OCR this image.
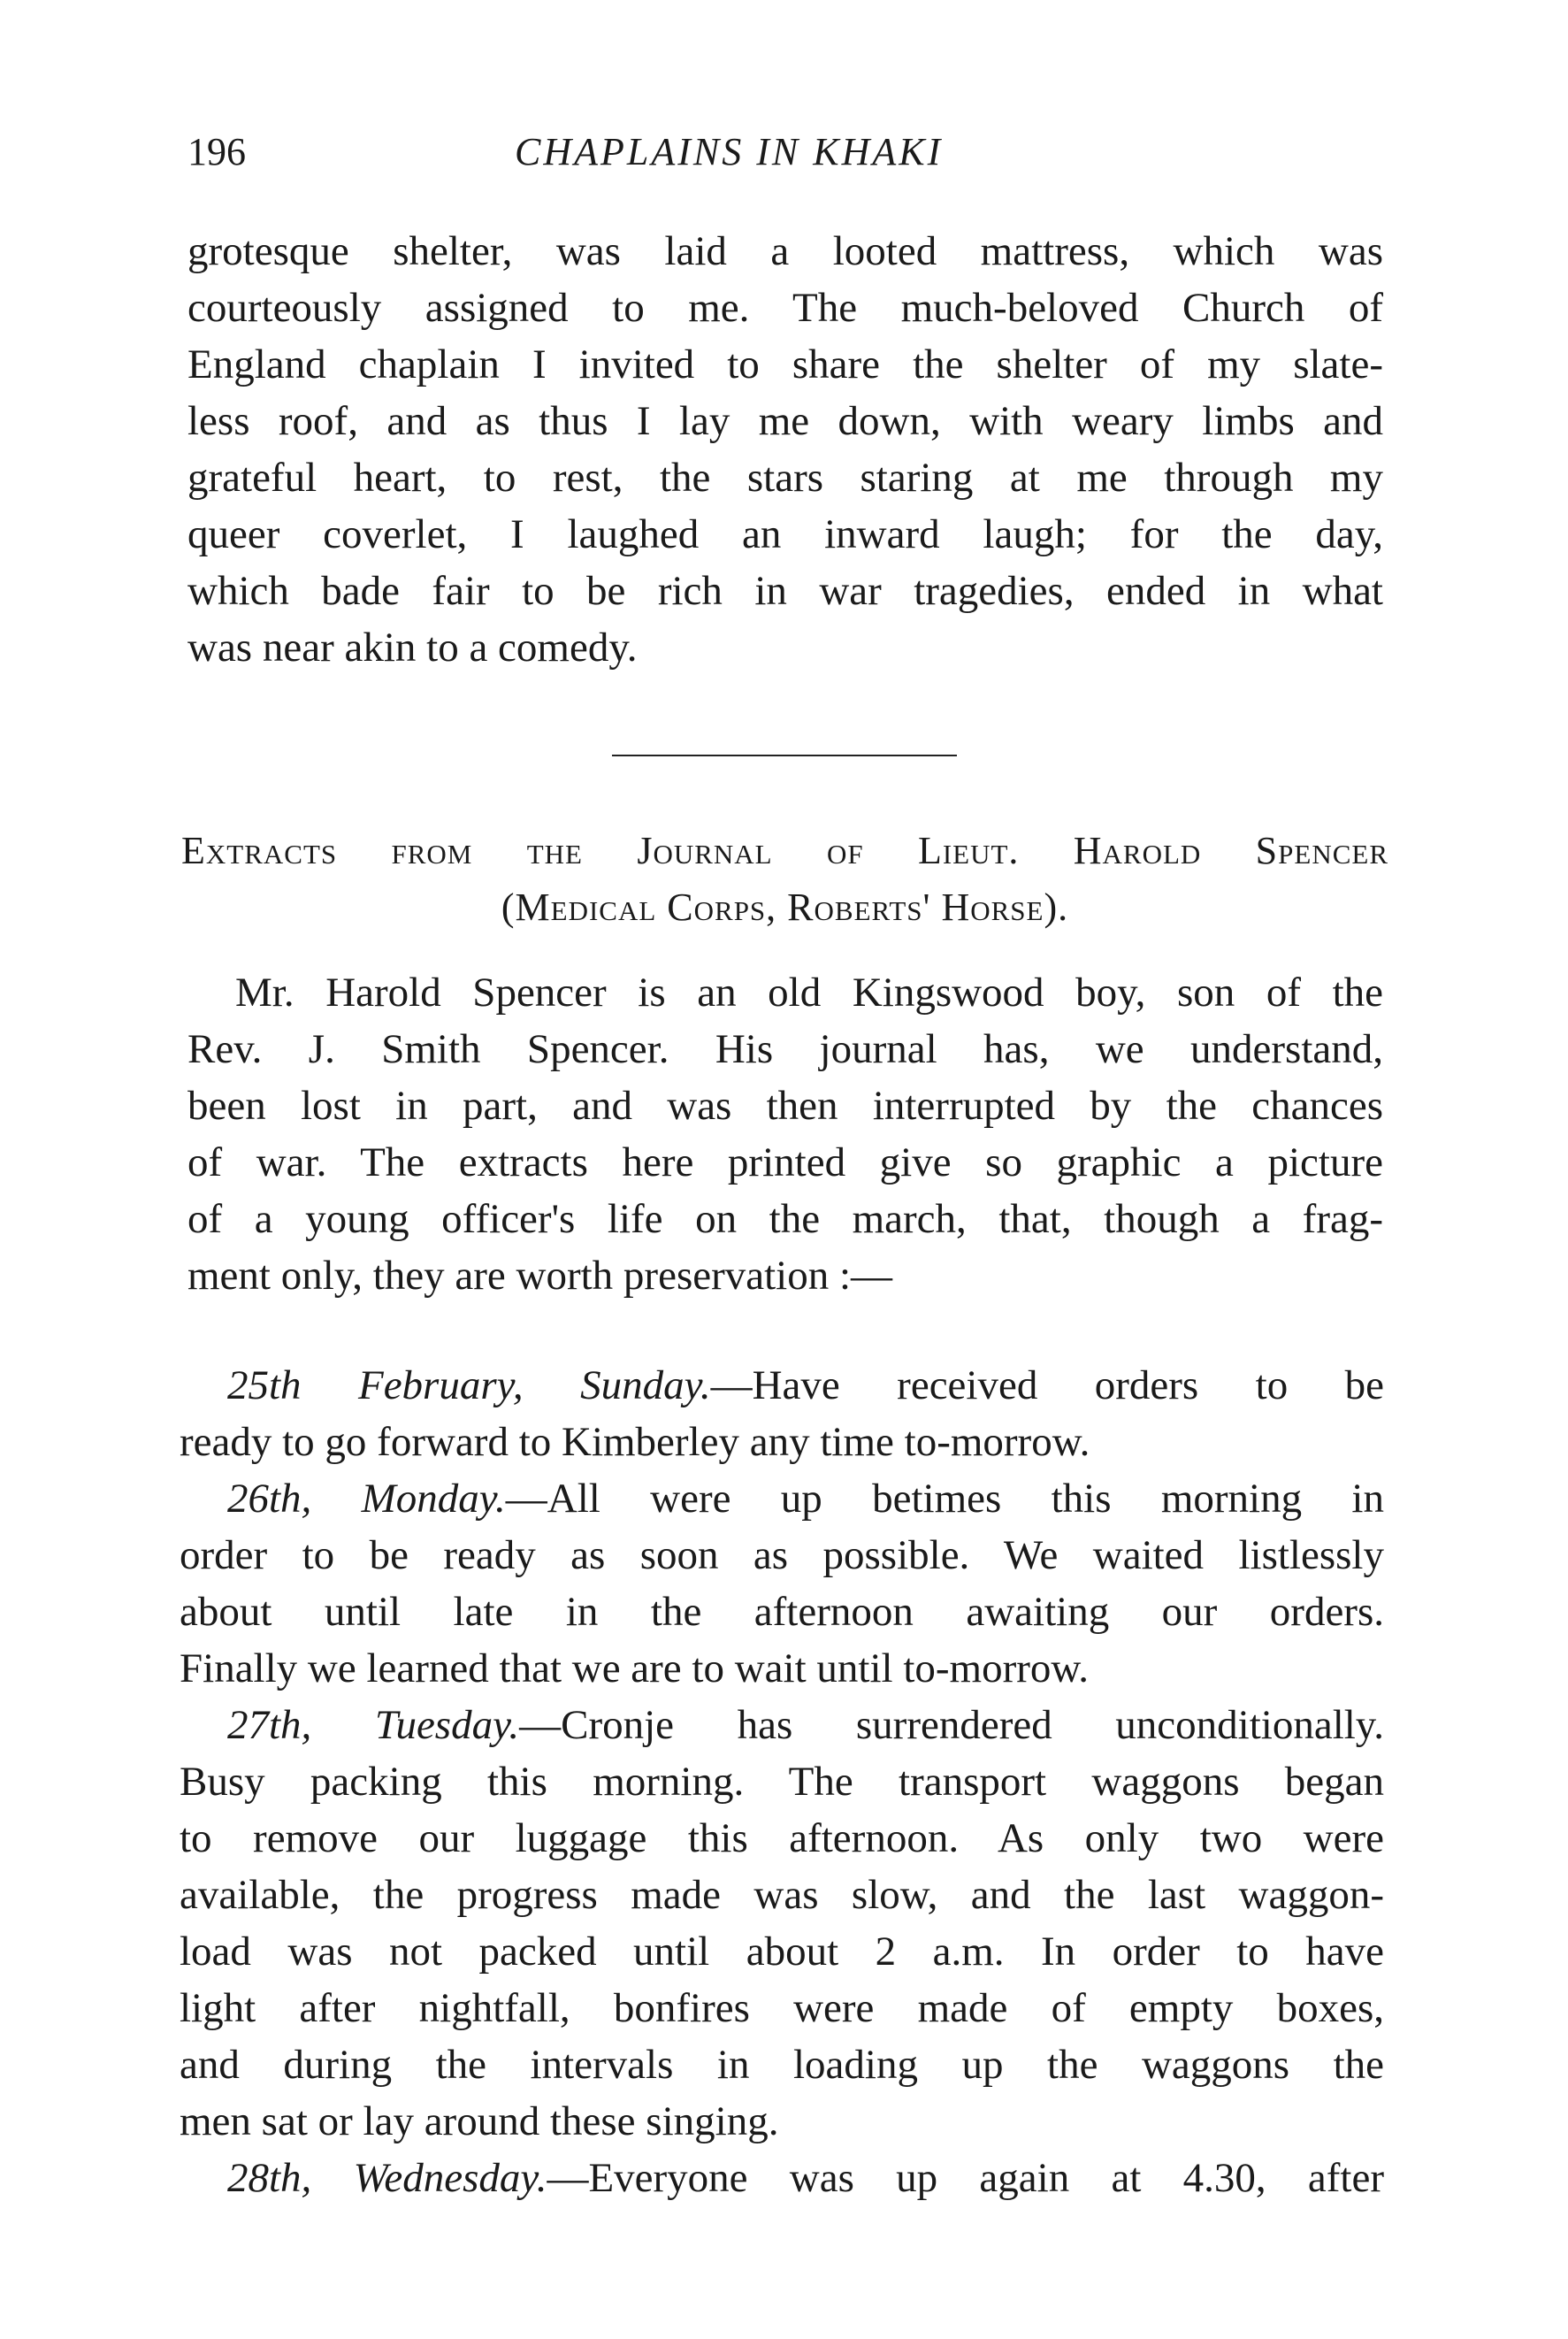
196	CHAPLAINS IN KHAKI
grotesque shelter, was laid a looted mattress, which was
courteously assigned to me. The much-beloved Church of
England chaplain I invited to share the shelter of my slate-
less roof, and as thus I lay me down, with weary limbs and
grateful heart, to rest, the stars staring at me through my
queer coverlet, I laughed an inward laugh; for the day,
which bade fair to be rich in war tragedies, ended in what
was near akin to a comedy.
Extracts from the Journal of Lieut. Harold Spencer
(Medical Corps, Roberts' Horse).
Mr. Harold Spencer is an old Kingswood boy, son of the
Rev. J. Smith Spencer. His journal has, we understand,
been lost in part, and was then interrupted by the chances
of war. The extracts here printed give so graphic a picture
of a young officer's life on the march, that, though a frag-
ment only, they are worth preservation :—
25th February, Sunday.—Have received orders to be
ready to go forward to Kimberley any time to-morrow.
26th, Monday.—All were up betimes this morning in
order to be ready as soon as possible. We waited listlessly
about until late in the afternoon awaiting our orders.
Finally we learned that we are to wait until to-morrow.
27th, Tuesday.—Cronje has surrendered unconditionally.
Busy packing this morning. The transport waggons began
to remove our luggage this afternoon. As only two were
available, the progress made was slow, and the last waggon-
load was not packed until about 2 a.m. In order to have
light after nightfall, bonfires were made of empty boxes,
and during the intervals in loading up the waggons the
men sat or lay around these singing.
28th, Wednesday.—Everyone was up again at 4.30, after
